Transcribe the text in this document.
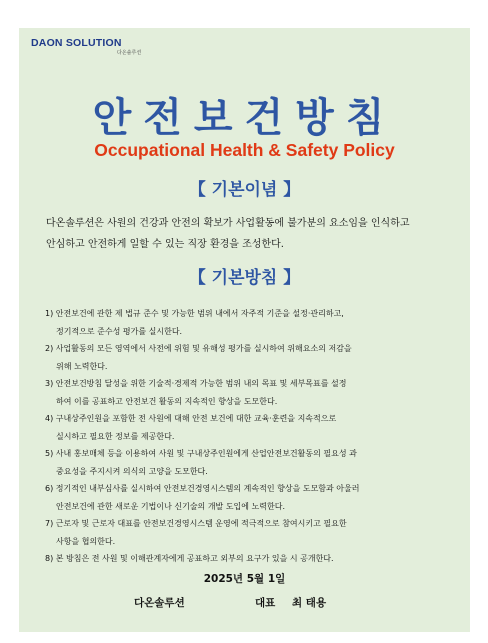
DAON SOLUTION
다온솔루션
안전보건방침
Occupational Health & Safety Policy
【 기본이념 】
다온솔루션은 사원의 건강과 안전의 확보가 사업활동에 불가분의 요소임을 인식하고
안심하고 안전하게 일할 수 있는 직장 환경을 조성한다.
【 기본방침 】
1) 안전보건에 관한 제 법규 준수 및 가능한 범위 내에서 자주적 기준을 설정·관리하고,
정기적으로 준수성 평가를 실시한다.
2) 사업활동의 모든 영역에서 사전에 위험 및 유해성 평가를 실시하여 위해요소의 저감을
위해 노력한다.
3) 안전보건방침 달성을 위한 기술적·경제적 가능한 범위 내의 목표 및 세부목표를 설정
하여 이를 공표하고 안전보건 활동의 지속적인 향상을 도모한다.
4) 구내상주인원을 포함한 전 사원에 대해 안전 보건에 대한 교육·훈련을 지속적으로
실시하고 필요한 정보를 제공한다.
5) 사내 홍보매체 등을 이용하여 사원 및 구내상주인원에게 산업안전보건활동의 필요성 과
중요성을 주지시켜 의식의 고양을 도모한다.
6) 정기적인 내부심사를 실시하여 안전보건경영시스템의 계속적인 향상을 도모함과 아울러
안전보건에 관한 새로운 기법이나 신기술의 개발 도입에 노력한다.
7) 근로자 및 근로자 대표를 안전보건경영시스템 운영에 적극적으로 참여시키고 필요한
사항을 협의한다.
8) 본 방침은 전 사원 및 이해관계자에게 공표하고 외부의 요구가 있을 시 공개한다.
2025년 5월 1일
다온솔루션	대표 최 태용
